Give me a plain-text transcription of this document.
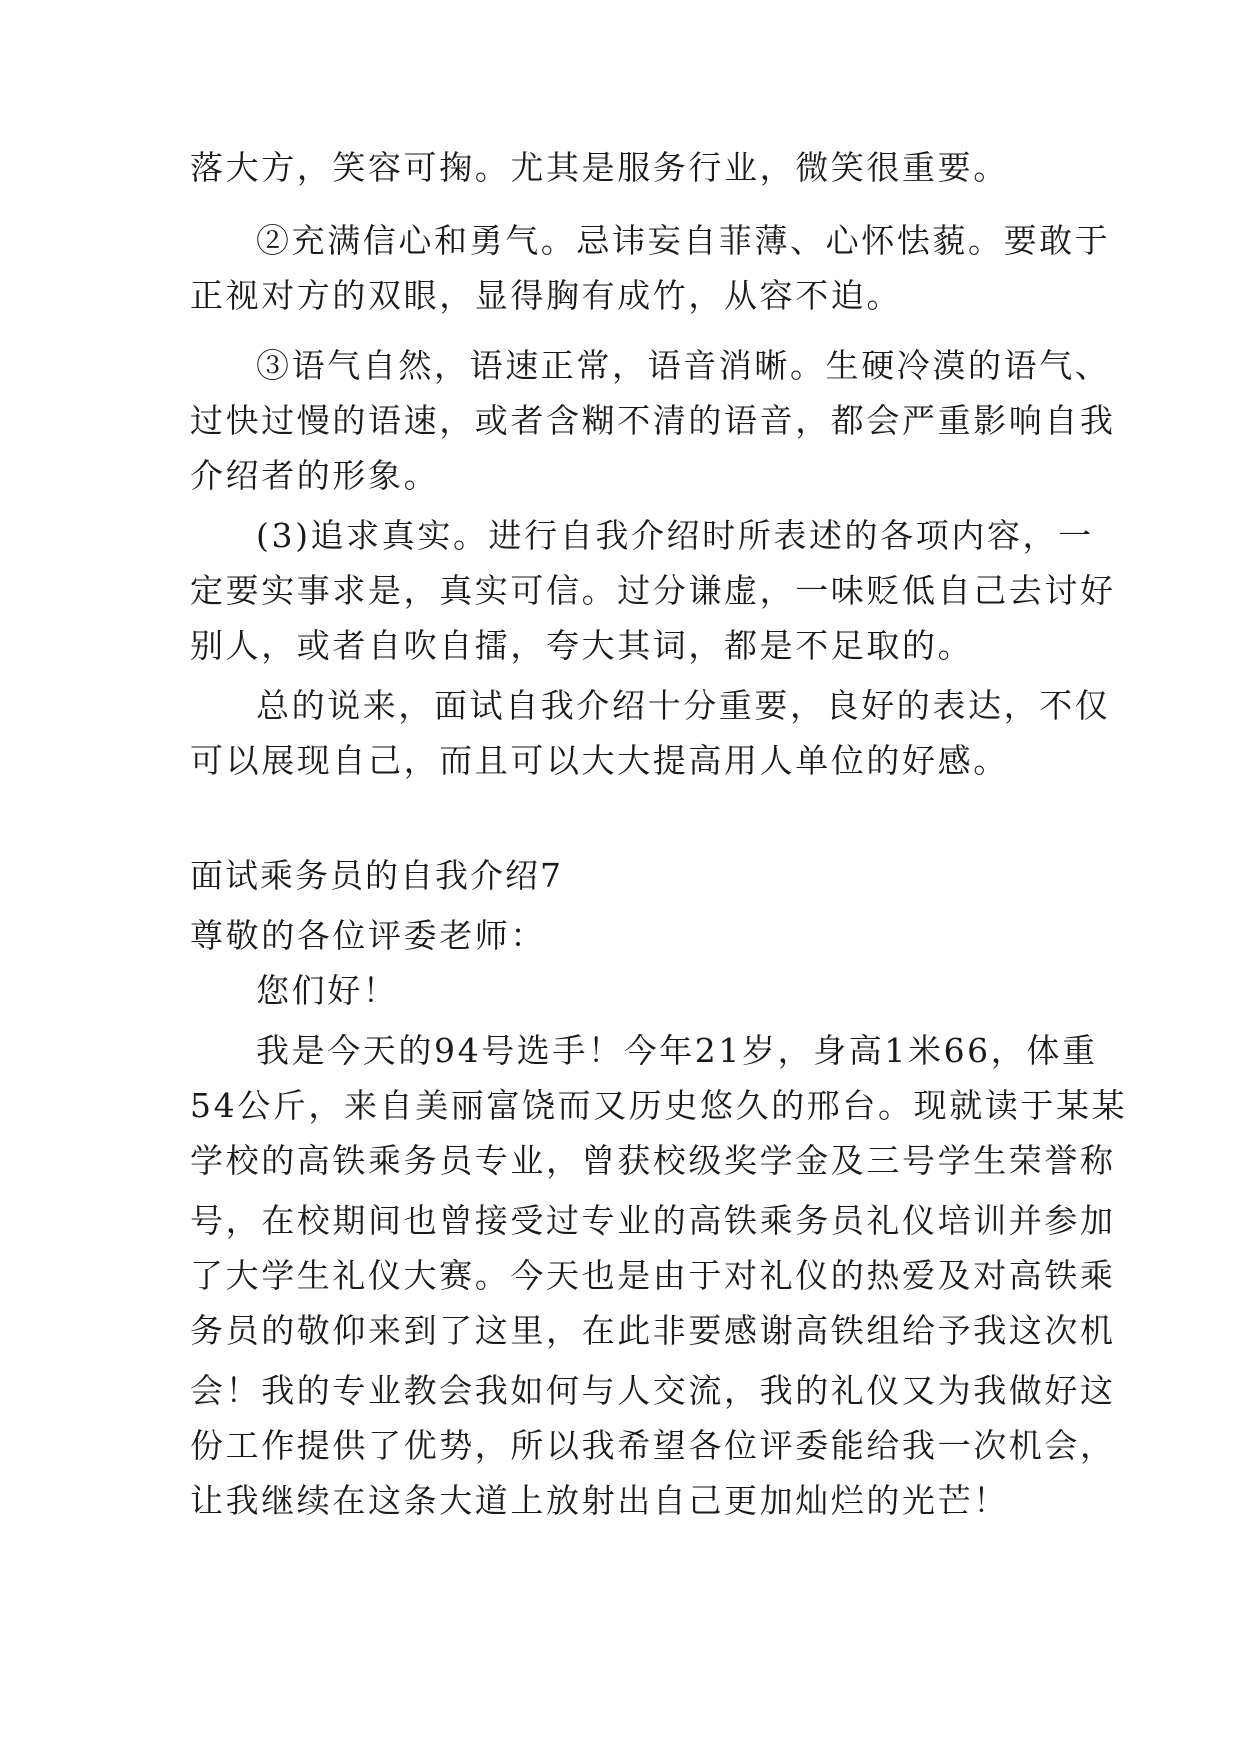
落大方，笑容可掬。尤其是服务行业，微笑很重要。
②充满信心和勇气。忌讳妄自菲薄、心怀怯藐。要敢于
正视对方的双眼，显得胸有成竹，从容不迫。
③语气自然，语速正常，语音消晰。生硬冷漠的语气、
过快过慢的语速，或者含糊不清的语音，都会严重影响自我
介绍者的形象。
(3)追求真实。进行自我介绍时所表述的各项内容，一
定要实事求是，真实可信。过分谦虚，一味贬低自己去讨好
别人，或者自吹自擂，夸大其词，都是不足取的。
总的说来，面试自我介绍十分重要，良好的表达，不仅
可以展现自己，而且可以大大提高用人单位的好感。
面试乘务员的自我介绍7
尊敬的各位评委老师：
您们好！
我是今天的94号选手！今年21岁，身高1米66，体重
54公斤，来自美丽富饶而又历史悠久的邢台。现就读于某某
学校的高铁乘务员专业，曾获校级奖学金及三号学生荣誉称
号，在校期间也曾接受过专业的高铁乘务员礼仪培训并参加
了大学生礼仪大赛。今天也是由于对礼仪的热爱及对高铁乘
务员的敬仰来到了这里，在此非要感谢高铁组给予我这次机
会！我的专业教会我如何与人交流，我的礼仪又为我做好这
份工作提供了优势，所以我希望各位评委能给我一次机会，
让我继续在这条大道上放射出自己更加灿烂的光芒！
